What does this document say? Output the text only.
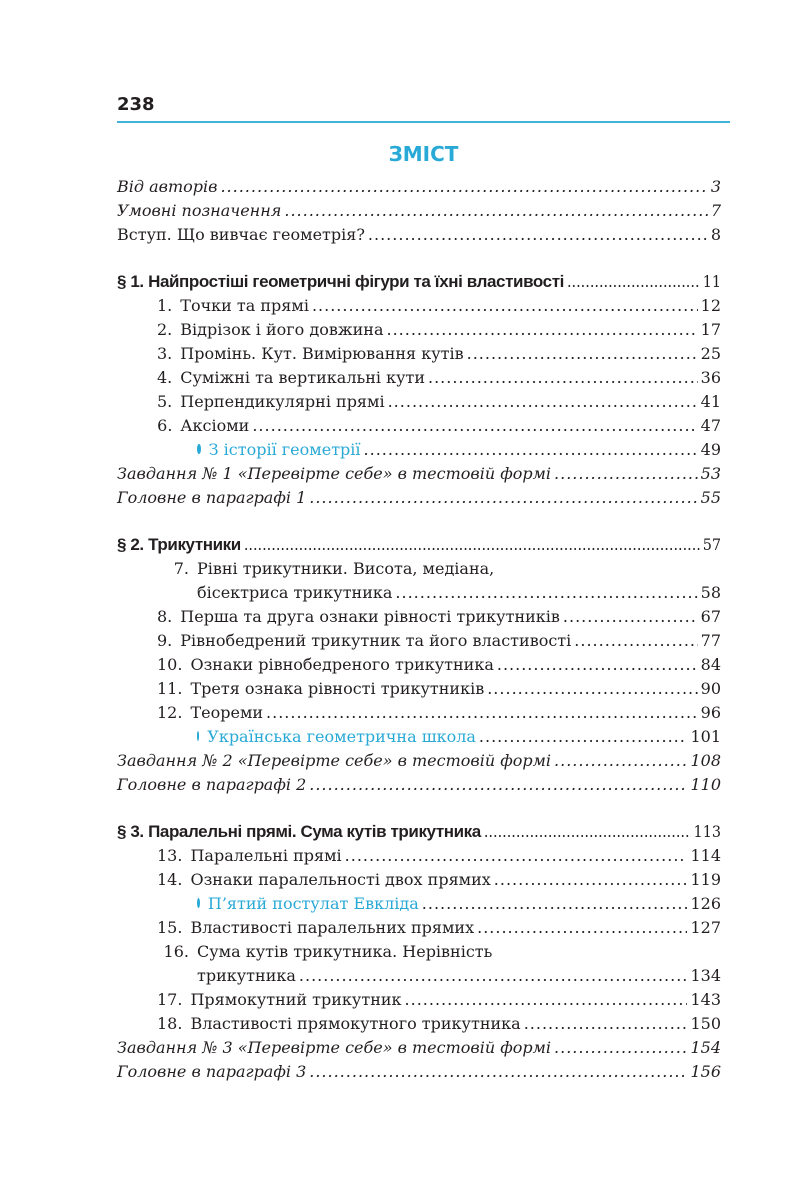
238
ЗМІСТ
Від авторів .....	3
Умовні позначення .....	7
Вступ. Що вивчає геометрія? .....	8
§ 1. Найпростіші геометричні фігури та їхні властивості .....	11
1. Точки та прямі .....	12
2. Відрізок і його довжина .....	17
3. Промінь. Кут. Вимірювання кутів .....	25
4. Суміжні та вертикальні кути .....	36
5. Перпендикулярні прямі .....	41
6. Аксіоми .....	47
З історії геометрії .....	49
Завдання № 1 «Перевірте себе» в тестовій формі .....	53
Головне в параграфі 1 .....	55
§ 2. Трикутники .....	57
7. Рівні трикутники. Висота, медіана,
бісектриса трикутника .....	58
8. Перша та друга ознаки рівності трикутників .....	67
9. Рівнобедрений трикутник та його властивості .....	77
10. Ознаки рівнобедреного трикутника .....	84
11. Третя ознака рівності трикутників .....	90
12. Теореми .....	96
Українська геометрична школа .....	101
Завдання № 2 «Перевірте себе» в тестовій формі .....	108
Головне в параграфі 2 .....	110
§ 3. Паралельні прямі. Сума кутів трикутника .....	113
13. Паралельні прямі .....	114
14. Ознаки паралельності двох прямих .....	119
П’ятий постулат Евкліда .....	126
15. Властивості паралельних прямих .....	127
16. Сума кутів трикутника. Нерівність
трикутника .....	134
17. Прямокутний трикутник .....	143
18. Властивості прямокутного трикутника .....	150
Завдання № 3 «Перевірте себе» в тестовій формі .....	154
Головне в параграфі 3 .....	156
